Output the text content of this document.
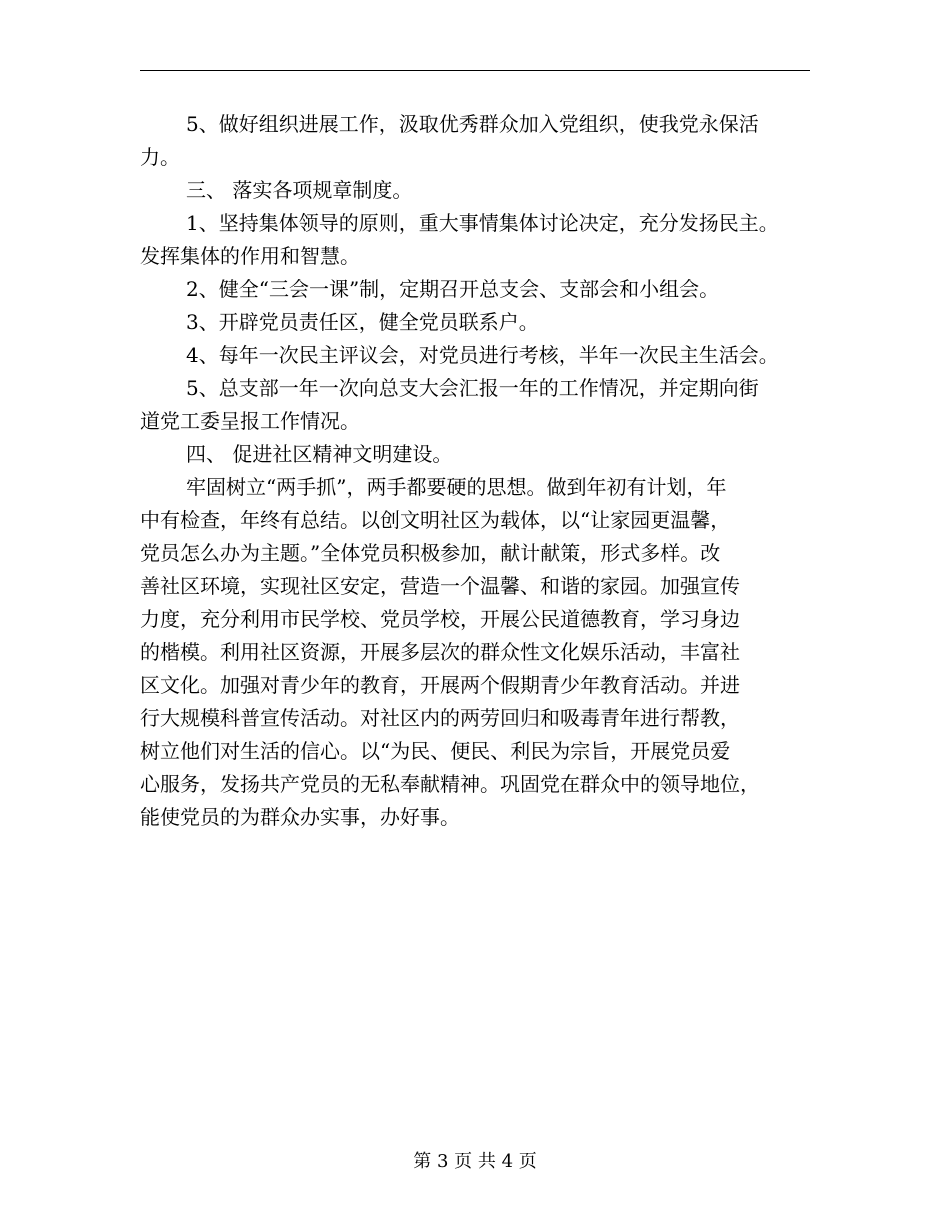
5、做好组织进展工作，汲取优秀群众加入党组织，使我党永保活
力。
三、 落实各项规章制度。
1、坚持集体领导的原则，重大事情集体讨论决定，充分发扬民主。
发挥集体的作用和智慧。
2、健全“三会一课”制，定期召开总支会、支部会和小组会。
3、开辟党员责任区，健全党员联系户。
4、每年一次民主评议会，对党员进行考核，半年一次民主生活会。
5、总支部一年一次向总支大会汇报一年的工作情况，并定期向街
道党工委呈报工作情况。
四、 促进社区精神文明建设。
牢固树立“两手抓”，两手都要硬的思想。做到年初有计划，年
中有检查，年终有总结。以创文明社区为载体，以“让家园更温馨，
党员怎么办为主题。”全体党员积极参加，献计献策，形式多样。改
善社区环境，实现社区安定，营造一个温馨、和谐的家园。加强宣传
力度，充分利用市民学校、党员学校，开展公民道德教育，学习身边
的楷模。利用社区资源，开展多层次的群众性文化娱乐活动，丰富社
区文化。加强对青少年的教育，开展两个假期青少年教育活动。并进
行大规模科普宣传活动。对社区内的两劳回归和吸毒青年进行帮教，
树立他们对生活的信心。以“为民、便民、利民为宗旨，开展党员爱
心服务，发扬共产党员的无私奉献精神。巩固党在群众中的领导地位，
能使党员的为群众办实事，办好事。
第 3 页 共 4 页
